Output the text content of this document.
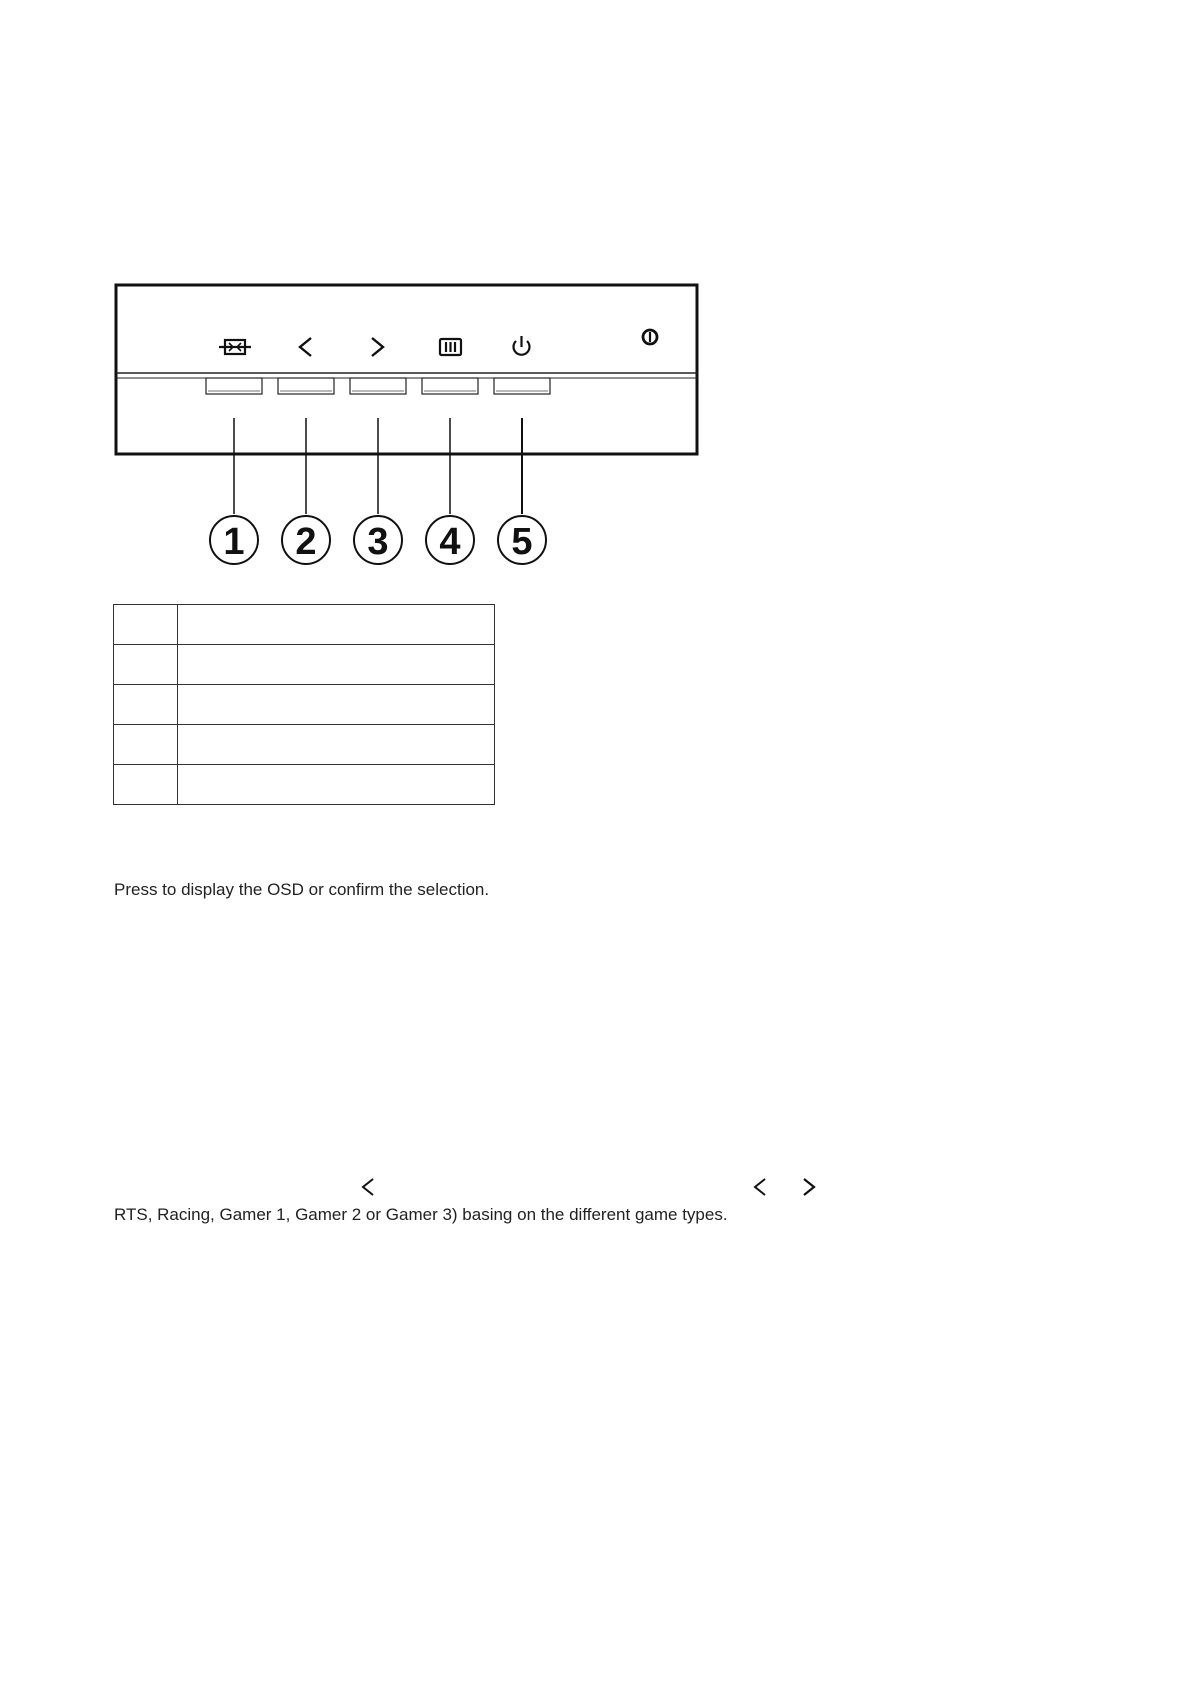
1 2 3 4 5

Press to display the OSD or confirm the selection.
RTS, Racing, Gamer 1, Gamer 2 or Gamer 3) basing on the different game types.
